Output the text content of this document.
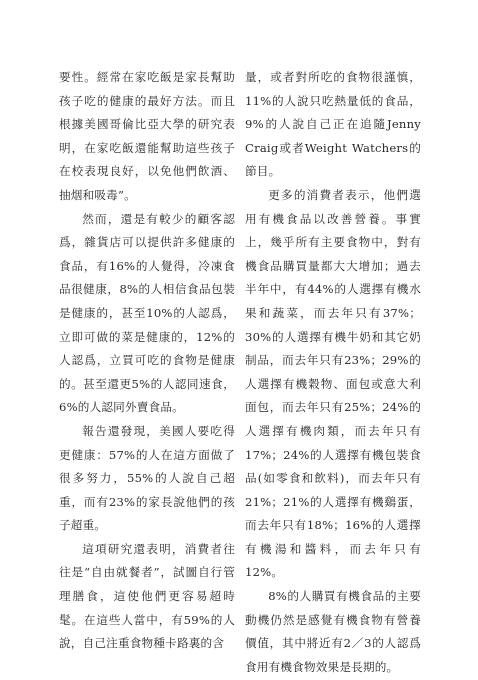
要性。經常在家吃飯是家長幫助孩子吃的健康的最好方法。而且根據美國哥倫比亞大學的研究表明，在家吃飯還能幫助這些孩子在校表現良好，以免他們飲酒、抽烟和吸毒”。

然而，還是有較少的顧客認爲，雜貨店可以提供許多健康的食品，有16%的人覺得，冷凍食品很健康，8%的人相信食品包裝是健康的，甚至10%的人認爲，立即可做的菜是健康的，12%的人認爲，立買可吃的食物是健康的。甚至還更5%的人認同速食，6%的人認同外賣食品。

報告還發現，美國人要吃得更健康：57%的人在這方面做了很多努力，55%的人說自己超重，而有23%的家長說他們的孩子超重。

這項研究還表明，消費者往往是“自由就餐者”，試圖自行管理膳食，這使他們更容易超時髦。在這些人當中，有59%的人說，自己注重食物種卡路裏的含

量，或者對所吃的食物很謹慎，11%的人說只吃熱量低的食品，9%的人說自己正在追隨Jenny Craig或者Weight Watchers的節目。

更多的消費者表示，他們選用有機食品以改善營養。事實上，幾乎所有主要食物中，對有機食品購買量都大大增加；過去半年中，有44%的人選擇有機水果和蔬菜，而去年只有37%；30%的人選擇有機牛奶和其它奶制品，而去年只有23%；29%的人選擇有機穀物、面包或意大利面包，而去年只有25%；24%的人選擇有機肉類，而去年只有17%；24%的人選擇有機包裝食品(如零食和飲料)，而去年只有21%；21%的人選擇有機鷄蛋，而去年只有18%；16%的人選擇有機湯和醬料，而去年只有12%。

8%的人購買有機食品的主要動機仍然是感覺有機食物有營養價值，其中將近有2／3的人認爲食用有機食物效果是長期的。
